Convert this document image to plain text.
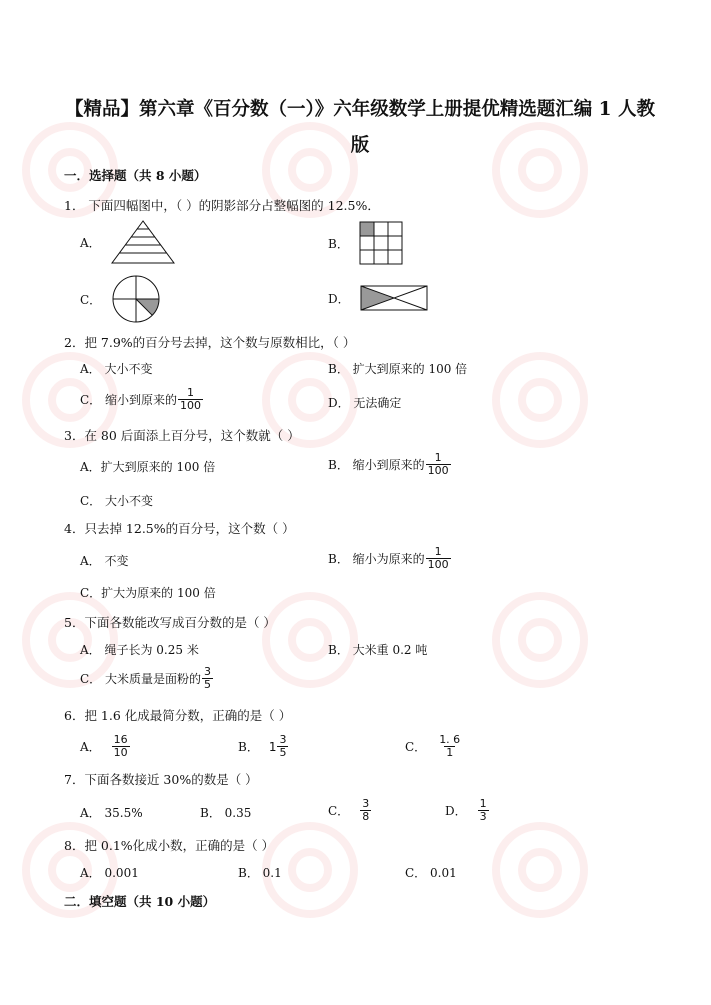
【精品】第六章《百分数（一）》六年级数学上册提优精选题汇编 1 人教
版
一．选择题（共 8 小题）
1． 下面四幅图中，（ ）的阴影部分占整幅图的 12.5%．
A．	B．
C．	D．
2．把 7.9%的百分号去掉，这个数与原数相比，（ ）
A． 大小不变	B． 扩大到原来的 100 倍
C． 缩小到原来的 $\frac{1}{100}$	D． 无法确定
3．在 80 后面添上百分号，这个数就（ ）
A．扩大到原来的 100 倍	B． 缩小到原来的 $\frac{1}{100}$
C． 大小不变
4．只去掉 12.5%的百分号，这个数（ ）
A． 不变	B． 缩小为原来的 $\frac{1}{100}$
C．扩大为原来的 100 倍
5．下面各数能改写成百分数的是（ ）
A． 绳子长为 0.25 米	B． 大米重 0.2 吨
C． 大米质量是面粉的 $\frac{3}{5}$
6．把 1.6 化成最简分数，正确的是（ ）
A． $\frac{16}{10}$	B． $1 \frac{3}{5}$	C． $\frac{1. 6}{1}$
7．下面各数接近 30%的数是（ ）
A． 35.5%	B． 0.35	C． $\frac{3}{8}$	D． $\frac{1}{3}$
8．把 0.1%化成小数，正确的是（ ）
A． 0.001	B． 0.1	C． 0.01
二．填空题（共 10 小题）
